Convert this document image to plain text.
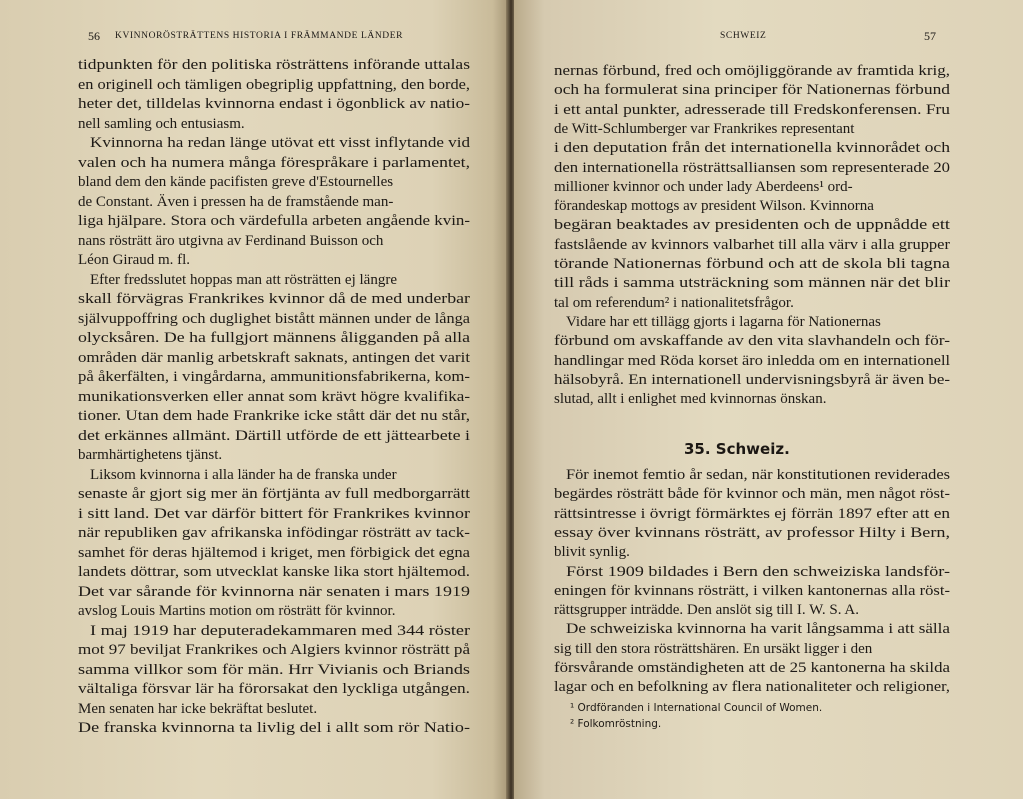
56 KVINNORÖSTRÄTTENS HISTORIA I FRÄMMANDE LÄNDER
tidpunkten för den politiska rösträttens införande uttalas
en originell och tämligen obegriplig uppfattning, den borde,
heter det, tilldelas kvinnorna endast i ögonblick av natio-
nell samling och entusiasm.
Kvinnorna ha redan länge utövat ett visst inflytande vid
valen och ha numera många förespråkare i parlamentet,
bland dem den kände pacifisten greve d'Estournelles
de Constant. Även i pressen ha de framstående man-
liga hjälpare. Stora och värdefulla arbeten angående kvin-
nans rösträtt äro utgivna av Ferdinand Buisson och
Léon Giraud m. fl.
Efter fredsslutet hoppas man att rösträtten ej längre
skall förvägras Frankrikes kvinnor då de med underbar
självuppoffring och duglighet bistått männen under de långa
olycksåren. De ha fullgjort männens åligganden på alla
områden där manlig arbetskraft saknats, antingen det varit
på åkerfälten, i vingårdarna, ammunitionsfabrikerna, kom-
munikationsverken eller annat som krävt högre kvalifika-
tioner. Utan dem hade Frankrike icke stått där det nu står,
det erkännes allmänt. Därtill utförde de ett jättearbete i
barmhärtighetens tjänst.
Liksom kvinnorna i alla länder ha de franska under
senaste år gjort sig mer än förtjänta av full medborgarrätt
i sitt land. Det var därför bittert för Frankrikes kvinnor
när republiken gav afrikanska infödingar rösträtt av tack-
samhet för deras hjältemod i kriget, men förbigick det egna
landets döttrar, som utvecklat kanske lika stort hjältemod.
Det var sårande för kvinnorna när senaten i mars 1919
avslog Louis Martins motion om rösträtt för kvinnor.
I maj 1919 har deputeradekammaren med 344 röster
mot 97 beviljat Frankrikes och Algiers kvinnor rösträtt på
samma villkor som för män. Hrr Vivianis och Briands
vältaliga försvar lär ha förorsakat den lyckliga utgången.
Men senaten har icke bekräftat beslutet.
De franska kvinnorna ta livlig del i allt som rör Natio-
SCHWEIZ	57
nernas förbund, fred och omöjliggörande av framtida krig,
och ha formulerat sina principer för Nationernas förbund
i ett antal punkter, adresserade till Fredskonferensen. Fru
de Witt-Schlumberger var Frankrikes representant
i den deputation från det internationella kvinnorådet och
den internationella rösträttsalliansen som representerade 20
millioner kvinnor och under lady Aberdeens¹ ord-
förandeskap mottogs av president Wilson. Kvinnorna
begäran beaktades av presidenten och de uppnådde ett
fastslående av kvinnors valbarhet till alla värv i alla grupper
törande Nationernas förbund och att de skola bli tagna
till råds i samma utsträckning som männen när det blir
tal om referendum² i nationalitetsfrågor.
Vidare har ett tillägg gjorts i lagarna för Nationernas
förbund om avskaffande av den vita slavhandeln och för-
handlingar med Röda korset äro inledda om en internationell
hälsobyrå. En internationell undervisningsbyrå är även be-
slutad, allt i enlighet med kvinnornas önskan.
35. Schweiz.
För inemot femtio år sedan, när konstitutionen reviderades
begärdes rösträtt både för kvinnor och män, men något röst-
rättsintresse i övrigt förmärktes ej förrän 1897 efter att en
essay över kvinnans rösträtt, av professor Hilty i Bern,
blivit synlig.
Först 1909 bildades i Bern den schweiziska landsför-
eningen för kvinnans rösträtt, i vilken kantonernas alla röst-
rättsgrupper inträdde. Den anslöt sig till I. W. S. A.
De schweiziska kvinnorna ha varit långsamma i att sälla
sig till den stora rösträttshären. En ursäkt ligger i den
försvårande omständigheten att de 25 kantonerna ha skilda
lagar och en befolkning av flera nationaliteter och religioner,
¹ Ordföranden i International Council of Women.
² Folkomröstning.
